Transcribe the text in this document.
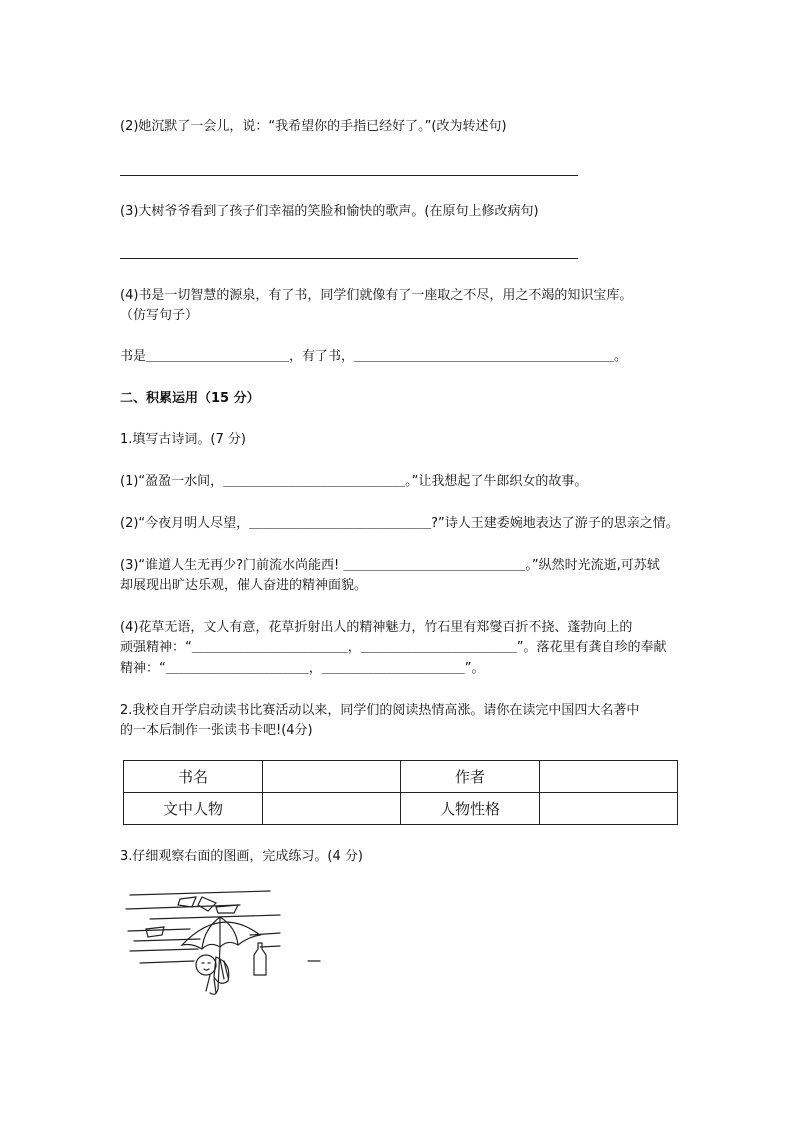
(2)她沉默了一会儿，说：“我希望你的手指已经好了。”(改为转述句)
(3)大树爷爷看到了孩子们幸福的笑脸和愉快的歌声。(在原句上修改病句)
(4)书是一切智慧的源泉，有了书，同学们就像有了一座取之不尽，用之不竭的知识宝库。
（仿写句子）
书是＿＿＿＿＿＿＿＿＿＿＿，有了书，＿＿＿＿＿＿＿＿＿＿＿＿＿＿＿＿＿＿＿＿。
二、积累运用（15 分）
1.填写古诗词。(7 分)
(1)“盈盈一水间，＿＿＿＿＿＿＿＿＿＿＿＿＿＿。”让我想起了牛郎织女的故事。
(2)“今夜月明人尽望，＿＿＿＿＿＿＿＿＿＿＿＿＿＿?”诗人王建委婉地表达了游子的思亲之情。
(3)“谁道人生无再少?门前流水尚能西! ＿＿＿＿＿＿＿＿＿＿＿＿＿＿。”纵然时光流逝,可苏轼
却展现出旷达乐观，催人奋进的精神面貌。
(4)花草无语，文人有意，花草折射出人的精神魅力，竹石里有郑燮百折不挠、蓬勃向上的
顽强精神：“＿＿＿＿＿＿＿＿＿＿＿＿，＿＿＿＿＿＿＿＿＿＿＿＿”。落花里有龚自珍的奉献
精神：“＿＿＿＿＿＿＿＿＿＿＿，＿＿＿＿＿＿＿＿＿＿＿”。
2.我校自开学启动读书比赛活动以来，同学们的阅读热情高涨。请你在读完中国四大名著中
的一本后制作一张读书卡吧!(4分)
书名		作者	
文中人物		人物性格	
3.仔细观察右面的图画，完成练习。(4 分)
